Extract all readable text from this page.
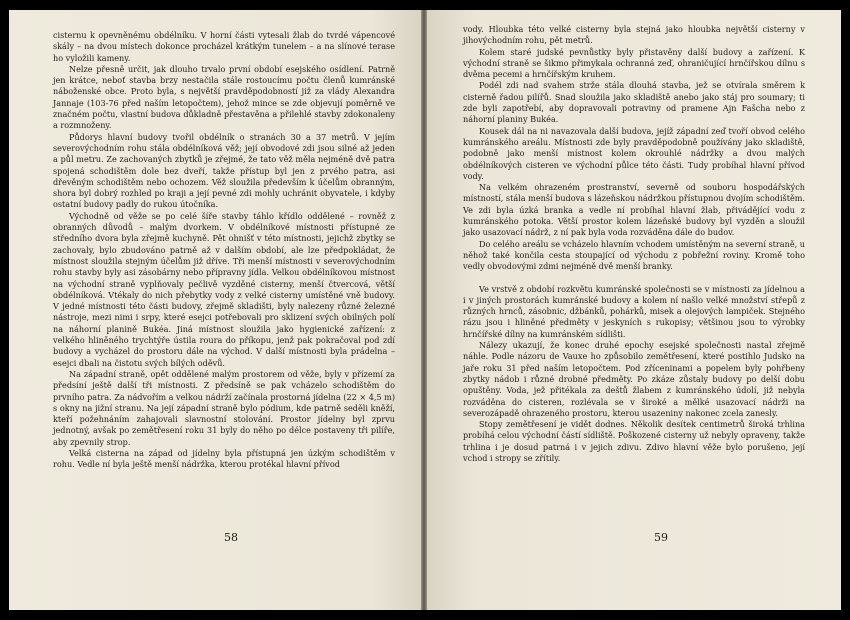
cisternu k opevněnému obdélníku. V horní části vytesali žlab do tvrdé vápencové skály – na dvou místech dokonce procházel krátkým tunelem – a na slínové terase ho vyložili kameny.

Nelze přesně určit, jak dlouho trvalo první období esejského osídlení. Patrně jen krátce, neboť stavba brzy nestačila stále rostoucímu počtu členů kumránské náboženské obce. Proto byla, s největší pravděpodobností již za vlády Alexandra Jannaje (103-76 před naším letopočtem), jehož mince se zde objevují poměrně ve značném počtu, vlastní budova důkladně přestavěna a přilehlé stavby zdokonaleny a rozmnoženy.

Půdorys hlavní budovy tvořil obdélník o stranách 30 a 37 metrů. V jejím severovýchodním rohu stála obdélníková věž; její obvodové zdi jsou silné až jeden a půl metru. Ze zachovaných zbytků je zřejmé, že tato věž měla nejméně dvě patra spojená schodištěm dole bez dveří, takže přístup byl jen z prvého patra, asi dřevěným schodištěm nebo ochozem. Věž sloužila především k účelům obranným, shora byl dobrý rozhled po kraji a její pevné zdi mohly uchránit obyvatele, i kdyby ostatní budovy padly do rukou útočníka.

Východně od věže se po celé šíře stavby táhlo křídlo oddělené – rovněž z obranných důvodů – malým dvorkem. V obdélníkové místnosti přístupné ze středního dvora byla zřejmě kuchyně. Pět ohnišť v této místnosti, jejichž zbytky se zachovaly, bylo zbudováno patrně až v dalším období, ale lze předpokládat, že místnost sloužila stejným účelům již dříve. Tři menší místnosti v severovýchodním rohu stavby byly asi zásobárny nebo přípravny jídla. Velkou obdélníkovou místnost na východní straně vyplňovaly pečlivě vyzděné cisterny, menší čtvercová, větší obdélníková. Vtékaly do nich přebytky vody z velké cisterny umístěné vně budovy. V jedné místnosti této části budovy, zřejmě skladišti, byly nalezeny různé železné nástroje, mezi nimi i srpy, které esejci potřebovali pro sklizení svých obilných polí na náhorní planině Bukéa. Jiná místnost sloužila jako hygienické zařízení: z velkého hliněného trychtýře ústila roura do příkopu, jenž pak pokračoval pod zdí budovy a vycházel do prostoru dále na východ. V další místnosti byla prádelna – esejci dbali na čistotu svých bílých oděvů.

Na západní straně, opět oddělené malým prostorem od věže, byly v přízemí za předsíní ještě další tři místnosti. Z předsíně se pak vcházelo schodištěm do prvního patra. Za nádvořím a velkou nádrží začínala prostorná jídelna (22 × 4,5 m) s okny na jižní stranu. Na její západní straně bylo pódium, kde patrně seděli kněží, kteří požehnáním zahajovali slavnostní stolování. Prostor jídelny byl zprvu jednotný, avšak po zemětřesení roku 31 byly do něho po délce postaveny tři pilíře, aby zpevnily strop.

Velká cisterna na západ od jídelny byla přístupná jen úzkým schodištěm v rohu. Vedle ní byla ještě menší nádržka, kterou protékal hlavní přívod

58

vody. Hloubka této velké cisterny byla stejná jako hloubka největší cisterny v jihovýchodním rohu, pět metrů.

Kolem staré judské pevnůstky byly přistavěny další budovy a zařízení. K východní straně se šikmo přimykala ochranná zeď, ohraničující hrnčířskou dílnu s dvěma pecemi a hrnčířským kruhem.

Podél zdi nad svahem strže stála dlouhá stavba, jež se otvírala směrem k cisterně řadou pilířů. Snad sloužila jako skladiště anebo jako stáj pro soumary; ti zde byli zapotřebí, aby dopravovali potraviny od pramene Ajn Fašcha nebo z náhorní planiny Bukéa.

Kousek dál na ni navazovala další budova, jejíž západní zeď tvoří obvod celého kumránského areálu. Místnosti zde byly pravděpodobně používány jako skladiště, podobně jako menší místnost kolem okrouhlé nádržky a dvou malých obdélníkových cisteren ve východní půlce této části. Tudy probíhal hlavní přívod vody.

Na velkém ohrazeném prostranství, severně od souboru hospodářských místností, stála menší budova s lázeňskou nádržkou přístupnou dvojím schodištěm. Ve zdi byla úzká branka a vedle ní probíhal hlavní žlab, přivádějící vodu z kumránského potoka. Větší prostor kolem lázeňské budovy byl vyzděn a sloužil jako usazovací nádrž, z ní pak byla voda rozváděna dále do budov.

Do celého areálu se vcházelo hlavním vchodem umístěným na severní straně, u něhož také končila cesta stoupající od východu z pobřežní roviny. Kromě toho vedly obvodovými zdmi nejméně dvě menší branky.

Ve vrstvě z období rozkvětu kumránské společnosti se v místnosti za jídelnou a i v jiných prostorách kumránské budovy a kolem ní našlo velké množství střepů z různých hrnců, zásobnic, džbánků, pohárků, misek a olejových lampiček. Stejného rázu jsou i hliněné předměty v jeskyních s rukopisy; většinou jsou to výrobky hrnčířské dílny na kumránském sídlišti.

Nálezy ukazují, že konec druhé epochy esejské společnosti nastal zřejmě náhle. Podle názoru de Vauxe ho způsobilo zemětřesení, které postihlo Judsko na jaře roku 31 před naším letopočtem. Pod zříceninami a popelem byly pohřbeny zbytky nádob i různé drobné předměty. Po zkáze zůstaly budovy po delší dobu opuštěny. Voda, jež přitékala za deštů žlabem z kumránského údolí, již nebyla rozváděna do cisteren, rozlévala se v široké a mělké usazovací nádrži na severozápadě ohrazeného prostoru, kterou usazeniny nakonec zcela zanesly.

Stopy zemětřesení je vidět dodnes. Několik desítek centimetrů široká trhlina probíhá celou východní částí sídliště. Poškozené cisterny už nebyly opraveny, takže trhlina i je dosud patrná i v jejich zdivu. Zdivo hlavní věže bylo porušeno, její vchod i stropy se zřítily.

59
